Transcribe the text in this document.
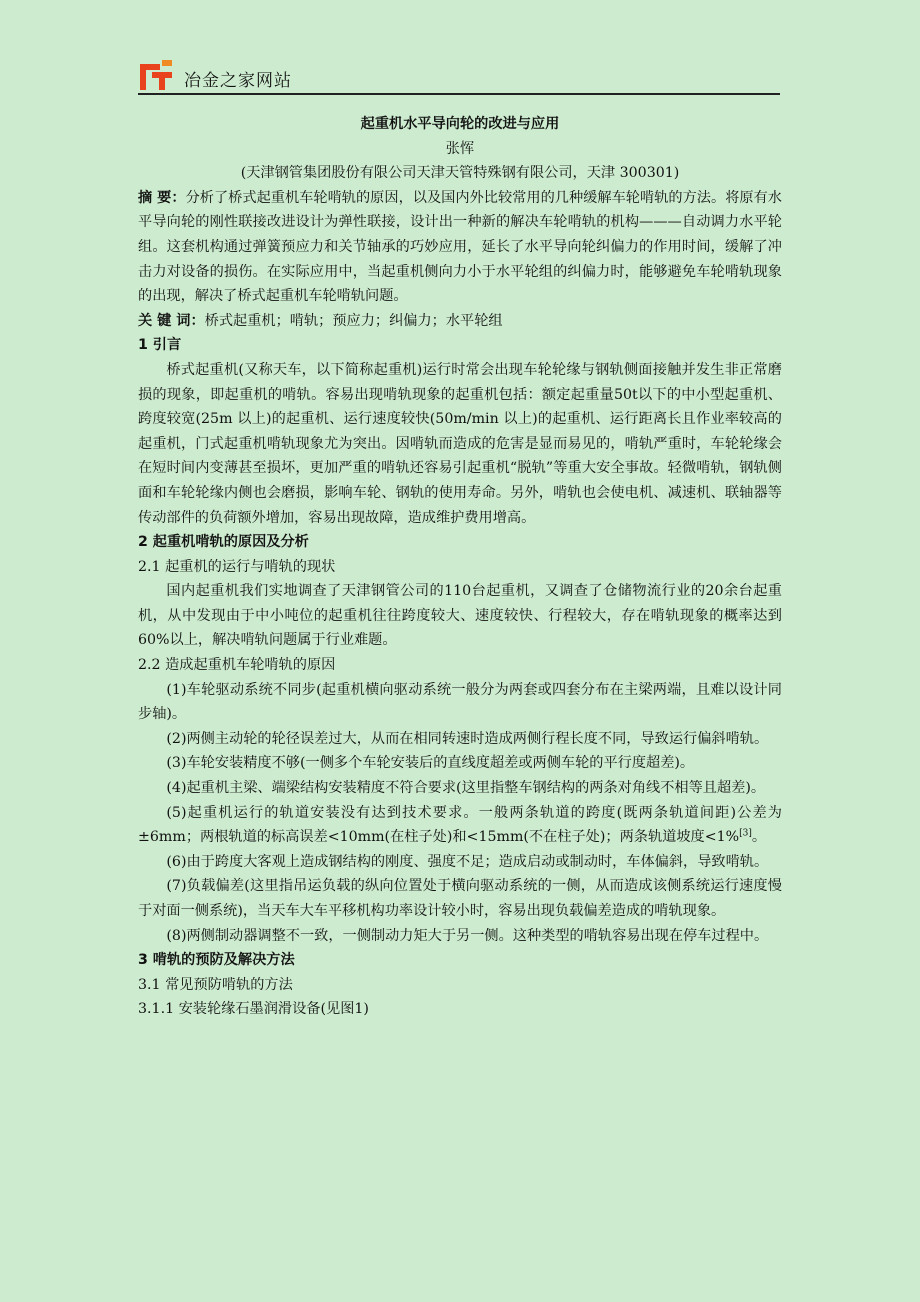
冶金之家网站
起重机水平导向轮的改进与应用
张恽
(天津钢管集团股份有限公司天津天管特殊钢有限公司，天津 300301)

摘 要：分析了桥式起重机车轮啃轨的原因，以及国内外比较常用的几种缓解车轮啃轨的方法。将原有水平导向轮的刚性联接改进设计为弹性联接，设计出一种新的解决车轮啃轨的机构———自动调力水平轮组。这套机构通过弹簧预应力和关节轴承的巧妙应用，延长了水平导向轮纠偏力的作用时间，缓解了冲击力对设备的损伤。在实际应用中，当起重机侧向力小于水平轮组的纠偏力时，能够避免车轮啃轨现象的出现，解决了桥式起重机车轮啃轨问题。

关 键 词：桥式起重机；啃轨；预应力；纠偏力；水平轮组

1 引言

桥式起重机(又称天车，以下简称起重机)运行时常会出现车轮轮缘与钢轨侧面接触并发生非正常磨损的现象，即起重机的啃轨。容易出现啃轨现象的起重机包括：额定起重量50t以下的中小型起重机、跨度较宽(25m 以上)的起重机、运行速度较快(50m/min 以上)的起重机、运行距离长且作业率较高的起重机，门式起重机啃轨现象尤为突出。因啃轨而造成的危害是显而易见的，啃轨严重时，车轮轮缘会在短时间内变薄甚至损坏，更加严重的啃轨还容易引起重机“脱轨”等重大安全事故。轻微啃轨，钢轨侧面和车轮轮缘内侧也会磨损，影响车轮、钢轨的使用寿命。另外，啃轨也会使电机、减速机、联轴器等传动部件的负荷额外增加，容易出现故障，造成维护费用增高。

2 起重机啃轨的原因及分析
2.1 起重机的运行与啃轨的现状

国内起重机我们实地调查了天津钢管公司的110台起重机，又调查了仓储物流行业的20余台起重机，从中发现由于中小吨位的起重机往往跨度较大、速度较快、行程较大，存在啃轨现象的概率达到60%以上，解决啃轨问题属于行业难题。

2.2 造成起重机车轮啃轨的原因

(1)车轮驱动系统不同步(起重机横向驱动系统一般分为两套或四套分布在主梁两端，且难以设计同步轴)。

(2)两侧主动轮的轮径误差过大，从而在相同转速时造成两侧行程长度不同，导致运行偏斜啃轨。

(3)车轮安装精度不够(一侧多个车轮安装后的直线度超差或两侧车轮的平行度超差)。

(4)起重机主梁、端梁结构安装精度不符合要求(这里指整车钢结构的两条对角线不相等且超差)。

(5)起重机运行的轨道安装没有达到技术要求。一般两条轨道的跨度(既两条轨道间距)公差为±6mm；两根轨道的标高误差<10mm(在柱子处)和<15mm(不在柱子处)；两条轨道坡度<1%[3]。

(6)由于跨度大客观上造成钢结构的刚度、强度不足；造成启动或制动时，车体偏斜，导致啃轨。

(7)负载偏差(这里指吊运负载的纵向位置处于横向驱动系统的一侧，从而造成该侧系统运行速度慢于对面一侧系统)，当天车大车平移机构功率设计较小时，容易出现负载偏差造成的啃轨现象。

(8)两侧制动器调整不一致，一侧制动力矩大于另一侧。这种类型的啃轨容易出现在停车过程中。

3 啃轨的预防及解决方法
3.1 常见预防啃轨的方法
3.1.1 安装轮缘石墨润滑设备(见图1)
